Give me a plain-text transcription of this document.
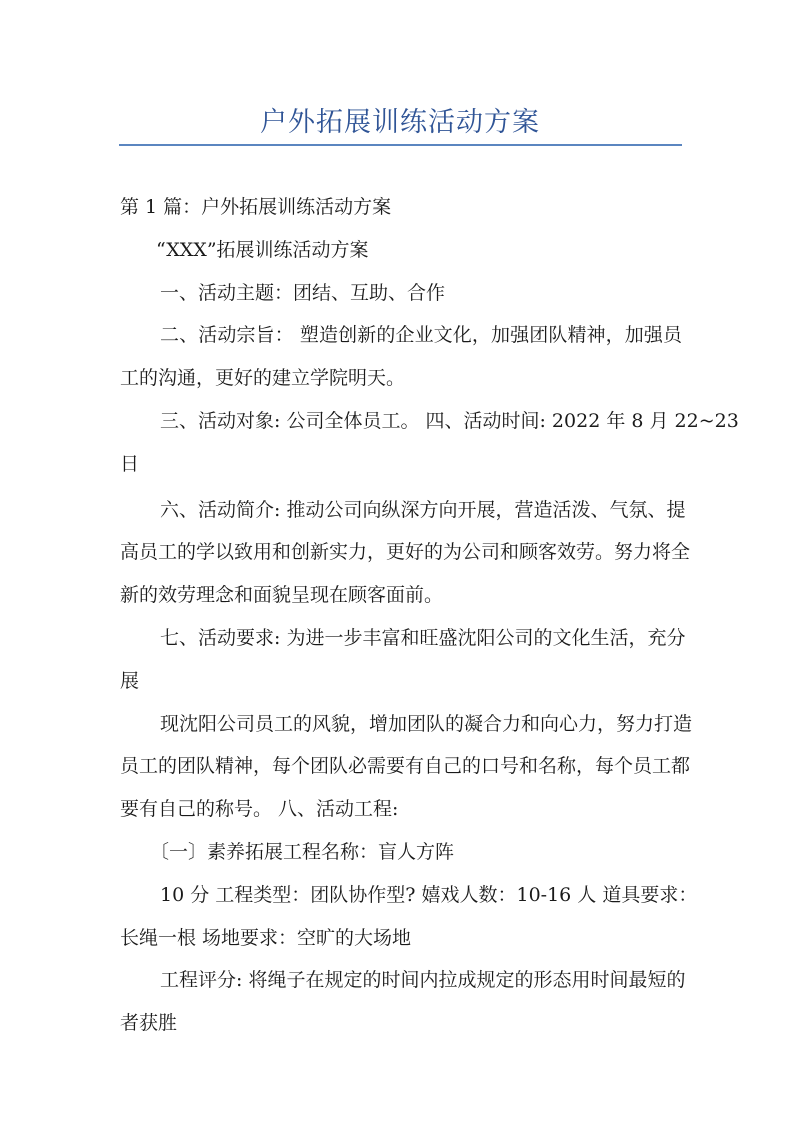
户外拓展训练活动方案
第 1 篇：户外拓展训练活动方案
“XXX”拓展训练活动方案
一、活动主题：团结、互助、合作
二、活动宗旨： 塑造创新的企业文化，加强团队精神，加强员
工的沟通，更好的建立学院明天。
三、活动对象: 公司全体员工。 四、活动时间: 2022 年 8 月 22~23
日
六、活动简介: 推动公司向纵深方向开展，营造活泼、气氛、提
高员工的学以致用和创新实力，更好的为公司和顾客效劳。努力将全
新的效劳理念和面貌呈现在顾客面前。
七、活动要求: 为进一步丰富和旺盛沈阳公司的文化生活，充分
展
现沈阳公司员工的风貌，增加团队的凝合力和向心力，努力打造
员工的团队精神，每个团队必需要有自己的口号和名称，每个员工都
要有自己的称号。 八、活动工程:
〔一〕素养拓展工程名称：盲人方阵
10 分 工程类型：团队协作型? 嬉戏人数：10-16 人 道具要求：
长绳一根 场地要求：空旷的大场地
工程评分: 将绳子在规定的时间内拉成规定的形态用时间最短的
者获胜
